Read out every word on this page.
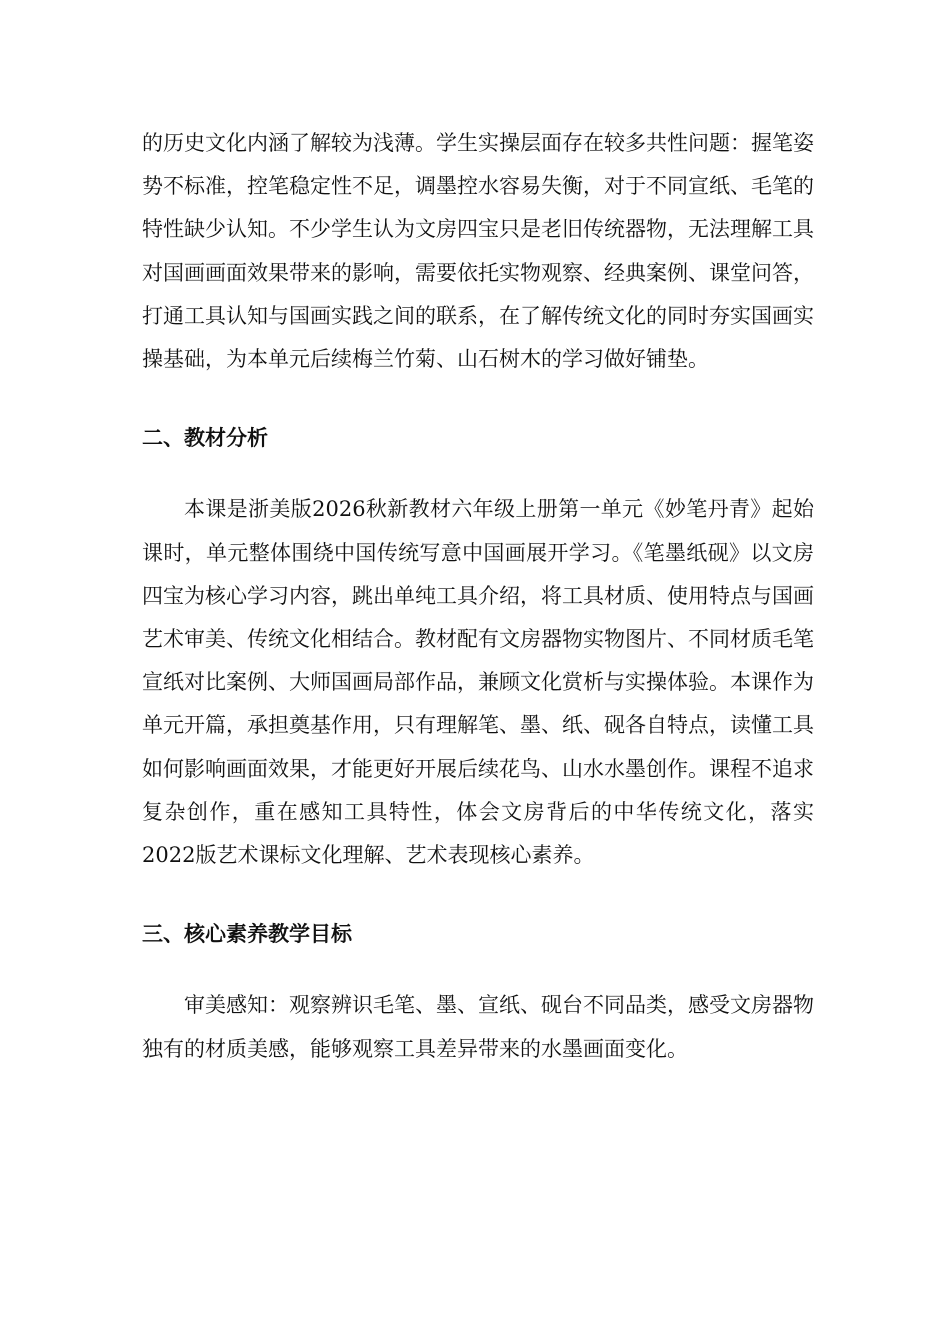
的历史文化内涵了解较为浅薄。学生实操层面存在较多共性问题：握笔姿势不标准，控笔稳定性不足，调墨控水容易失衡，对于不同宣纸、毛笔的特性缺少认知。不少学生认为文房四宝只是老旧传统器物，无法理解工具对国画画面效果带来的影响，需要依托实物观察、经典案例、课堂问答，打通工具认知与国画实践之间的联系，在了解传统文化的同时夯实国画实操基础，为本单元后续梅兰竹菊、山石树木的学习做好铺垫。

二、教材分析

本课是浙美版2026秋新教材六年级上册第一单元《妙笔丹青》起始课时，单元整体围绕中国传统写意中国画展开学习。《笔墨纸砚》以文房四宝为核心学习内容，跳出单纯工具介绍，将工具材质、使用特点与国画艺术审美、传统文化相结合。教材配有文房器物实物图片、不同材质毛笔宣纸对比案例、大师国画局部作品，兼顾文化赏析与实操体验。本课作为单元开篇，承担奠基作用，只有理解笔、墨、纸、砚各自特点，读懂工具如何影响画面效果，才能更好开展后续花鸟、山水水墨创作。课程不追求复杂创作，重在感知工具特性，体会文房背后的中华传统文化，落实2022版艺术课标文化理解、艺术表现核心素养。

三、核心素养教学目标

审美感知：观察辨识毛笔、墨、宣纸、砚台不同品类，感受文房器物独有的材质美感，能够观察工具差异带来的水墨画面变化。
